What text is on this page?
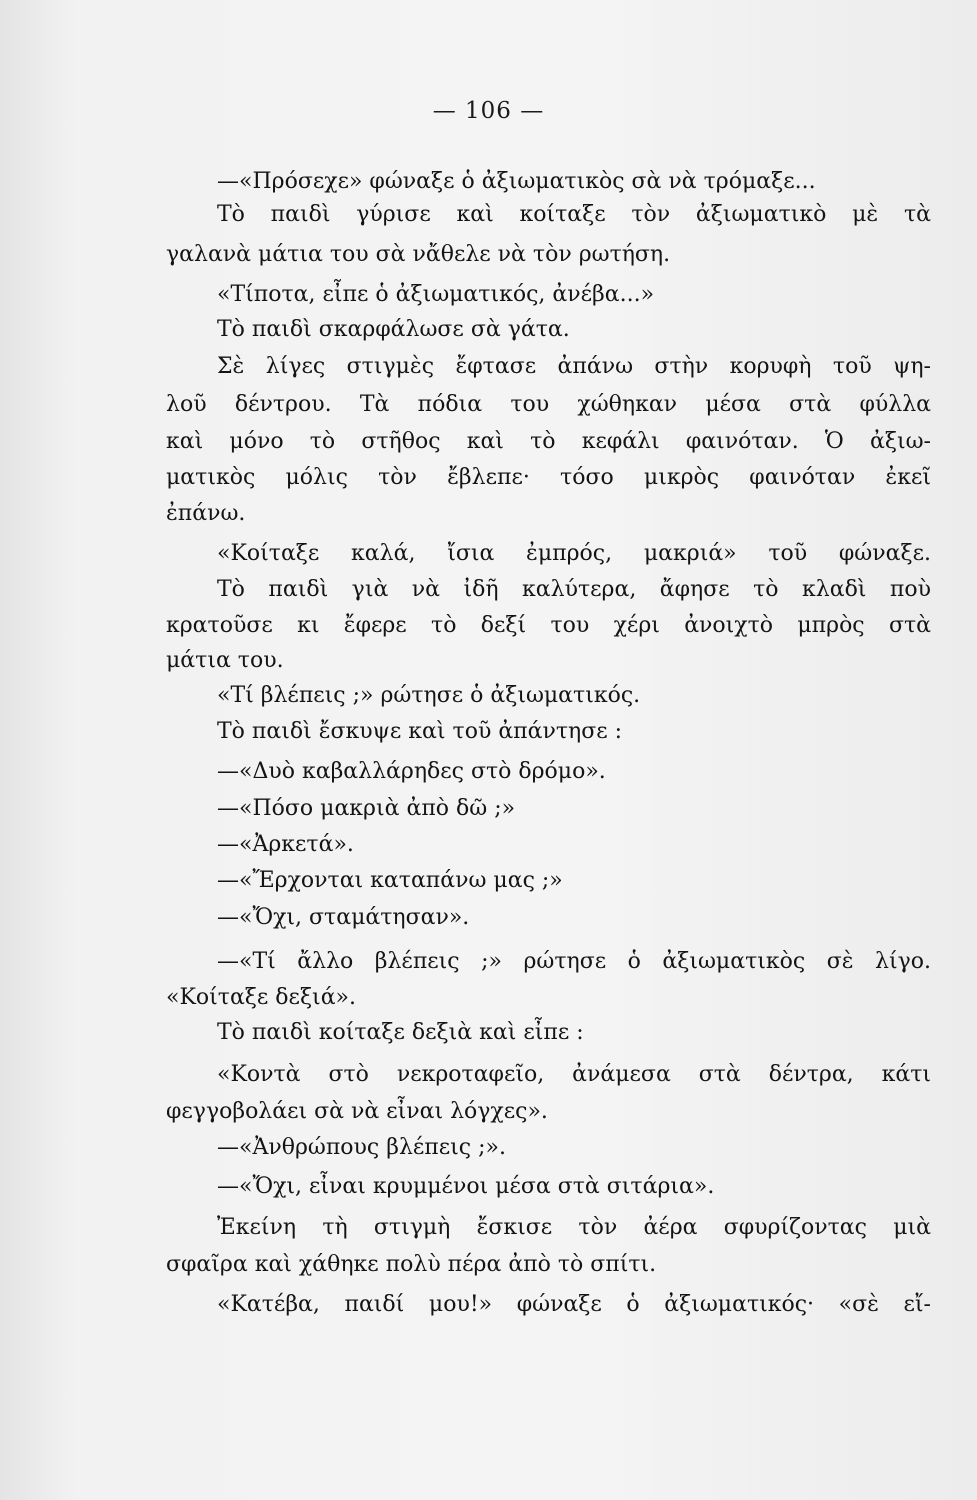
— 106 —
—«Πρόσεχε» φώναξε ὁ ἀξιωματικὸς σὰ νὰ τρόμαξε...
Τὸ παιδὶ γύρισε καὶ κοίταξε τὸν ἀξιωματικὸ μὲ τὰ
γαλανὰ μάτια του σὰ νἄθελε νὰ τὸν ρωτήση.
«Τίποτα, εἶπε ὁ ἀξιωματικός, ἀνέβα...»
Τὸ παιδὶ σκαρφάλωσε σὰ γάτα.
Σὲ λίγες στιγμὲς ἔφτασε ἀπάνω στὴν κορυφὴ τοῦ ψη-
λοῦ δέντρου. Τὰ πόδια του χώθηκαν μέσα στὰ φύλλα
καὶ μόνο τὸ στῆθος καὶ τὸ κεφάλι φαινόταν. Ὁ ἀξιω-
ματικὸς μόλις τὸν ἔβλεπε· τόσο μικρὸς φαινόταν ἐκεῖ
ἐπάνω.
«Κοίταξε καλά, ἴσια ἐμπρός, μακριά» τοῦ φώναξε.
Τὸ παιδὶ γιὰ νὰ ἰδῆ καλύτερα, ἄφησε τὸ κλαδὶ ποὺ
κρατοῦσε κι ἔφερε τὸ δεξί του χέρι ἀνοιχτὸ μπρὸς στὰ
μάτια του.
«Τί βλέπεις ;» ρώτησε ὁ ἀξιωματικός.
Τὸ παιδὶ ἔσκυψε καὶ τοῦ ἀπάντησε :
—«Δυὸ καβαλλάρηδες στὸ δρόμο».
—«Πόσο μακριὰ ἀπὸ δῶ ;»
—«Ἀρκετά».
—«Ἔρχονται καταπάνω μας ;»
—«Ὄχι, σταμάτησαν».
—«Τί ἄλλο βλέπεις ;» ρώτησε ὁ ἀξιωματικὸς σὲ λίγο.
«Κοίταξε δεξιά».
Τὸ παιδὶ κοίταξε δεξιὰ καὶ εἶπε :
«Κοντὰ στὸ νεκροταφεῖο, ἀνάμεσα στὰ δέντρα, κάτι
φεγγοβολάει σὰ νὰ εἶναι λόγχες».
—«Ἀνθρώπους βλέπεις ;».
—«Ὄχι, εἶναι κρυμμένοι μέσα στὰ σιτάρια».
Ἐκείνη τὴ στιγμὴ ἔσκισε τὸν ἀέρα σφυρίζοντας μιὰ
σφαῖρα καὶ χάθηκε πολὺ πέρα ἀπὸ τὸ σπίτι.
«Κατέβα, παιδί μου!» φώναξε ὁ ἀξιωματικός· «σὲ εἴ-
